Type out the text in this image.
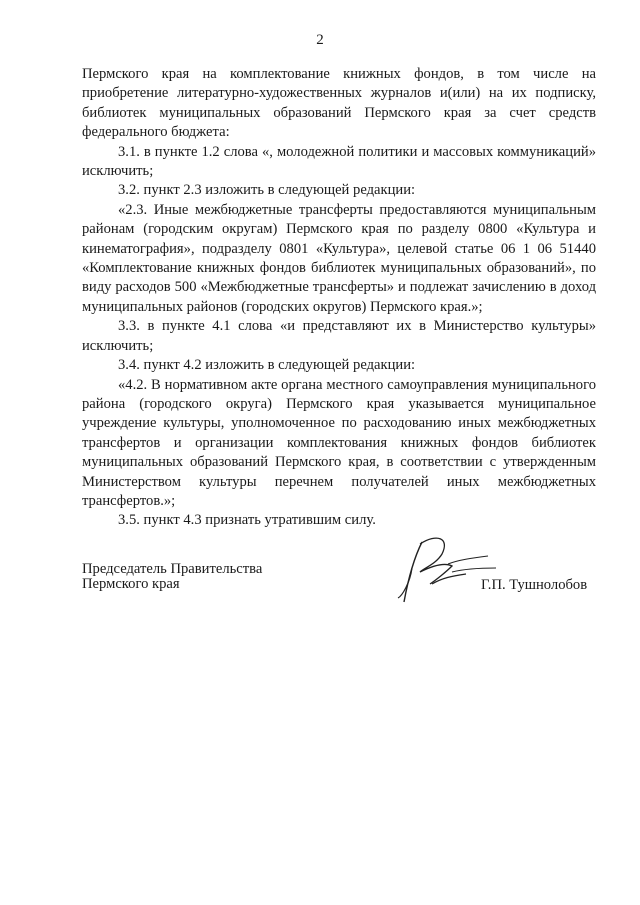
2

Пермского края на комплектование книжных фондов, в том числе на приобретение литературно-художественных журналов и(или) на их подписку, библиотек муниципальных образований Пермского края за счет средств федерального бюджета:

3.1. в пункте 1.2 слова «, молодежной политики и массовых коммуникаций» исключить;

3.2. пункт 2.3 изложить в следующей редакции:

«2.3. Иные межбюджетные трансферты предоставляются муниципальным районам (городским округам) Пермского края по разделу 0800 «Культура и кинематография», подразделу 0801 «Культура», целевой статье 06 1 06 51440 «Комплектование книжных фондов библиотек муниципальных образований», по виду расходов 500 «Межбюджетные трансферты» и подлежат зачислению в доход муниципальных районов (городских округов) Пермского края.»;

3.3. в пункте 4.1 слова «и представляют их в Министерство культуры» исключить;

3.4. пункт 4.2 изложить в следующей редакции:

«4.2. В нормативном акте органа местного самоуправления муниципального района (городского округа) Пермского края указывается муниципальное учреждение культуры, уполномоченное по расходованию иных межбюджетных трансфертов и организации комплектования книжных фондов библиотек муниципальных образований Пермского края, в соответствии с утвержденным Министерством культуры перечнем получателей иных межбюджетных трансфертов.»;

3.5. пункт 4.3 признать утратившим силу.

Председатель Правительства
Пермского края	Г.П. Тушнолобов
